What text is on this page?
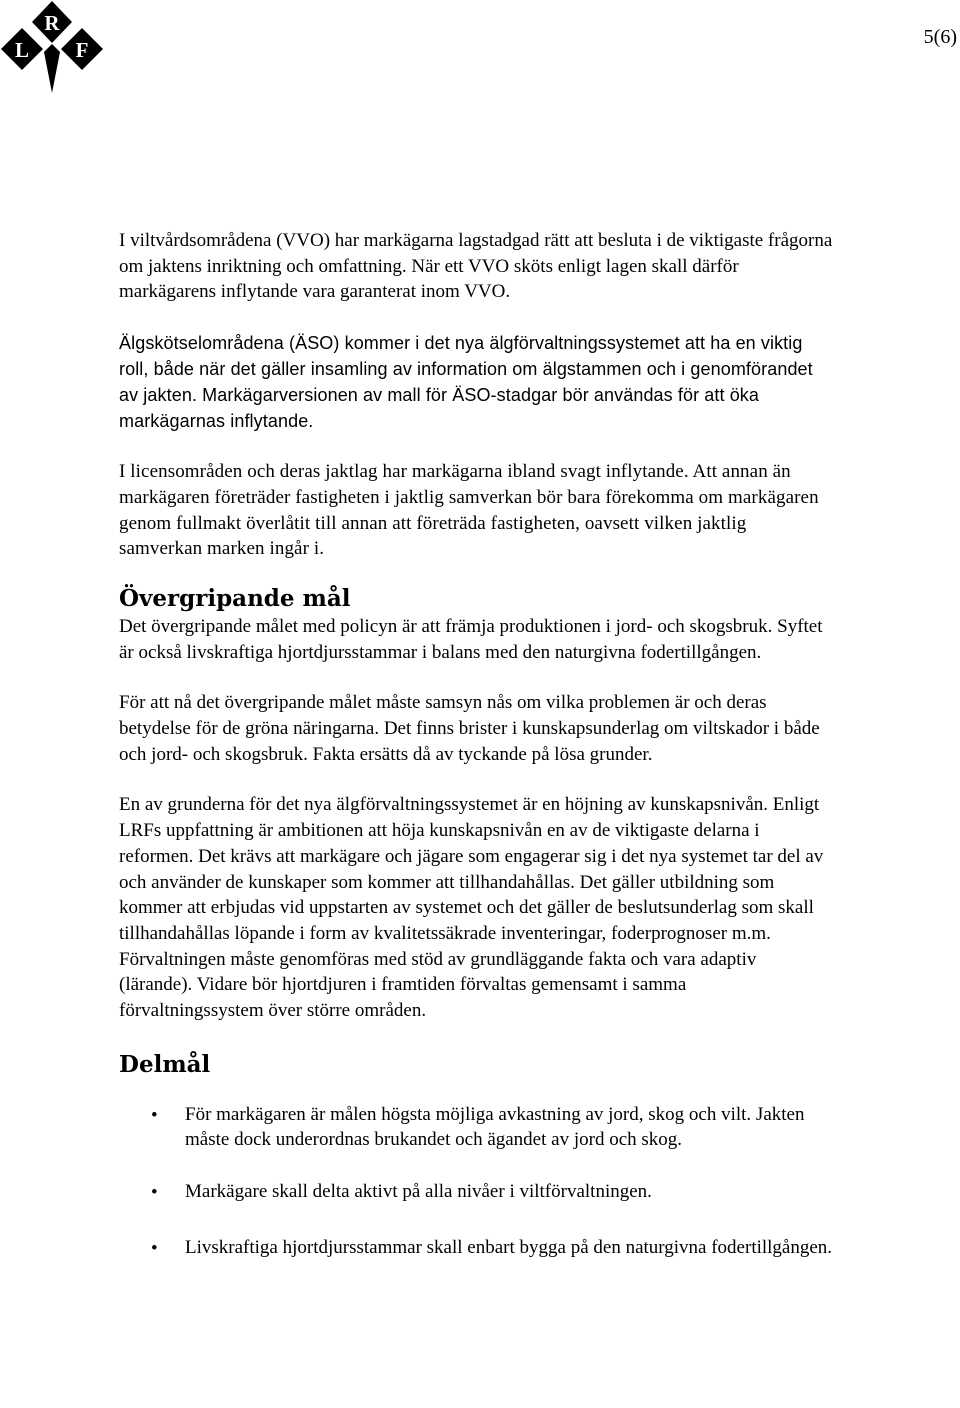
R
L F
5(6)

I viltvårdsområdena (VVO) har markägarna lagstadgad rätt att besluta i de viktigaste frågorna om jaktens inriktning och omfattning. När ett VVO sköts enligt lagen skall därför markägarens inflytande vara garanterat inom VVO.

Älgskötselområdena (ÄSO) kommer i det nya älgförvaltningssystemet att ha en viktig roll, både när det gäller insamling av information om älgstammen och i genomförandet av jakten. Markägarversionen av mall för ÄSO-stadgar bör användas för att öka markägarnas inflytande.

I licensområden och deras jaktlag har markägarna ibland svagt inflytande. Att annan än markägaren företräder fastigheten i jaktlig samverkan bör bara förekomma om markägaren genom fullmakt överlåtit till annan att företräda fastigheten, oavsett vilken jaktlig samverkan marken ingår i.

Övergripande mål

Det övergripande målet med policyn är att främja produktionen i jord- och skogsbruk. Syftet är också livskraftiga hjortdjursstammar i balans med den naturgivna fodertillgången.

För att nå det övergripande målet måste samsyn nås om vilka problemen är och deras betydelse för de gröna näringarna. Det finns brister i kunskapsunderlag om viltskador i både och jord- och skogsbruk. Fakta ersätts då av tyckande på lösa grunder.

En av grunderna för det nya älgförvaltningssystemet är en höjning av kunskapsnivån. Enligt LRFs uppfattning är ambitionen att höja kunskapsnivån en av de viktigaste delarna i reformen. Det krävs att markägare och jägare som engagerar sig i det nya systemet tar del av och använder de kunskaper som kommer att tillhandahållas. Det gäller utbildning som kommer att erbjudas vid uppstarten av systemet och det gäller de beslutsunderlag som skall tillhandahållas löpande i form av kvalitetssäkrade inventeringar, foderprognoser m.m. Förvaltningen måste genomföras med stöd av grundläggande fakta och vara adaptiv (lärande). Vidare bör hjortdjuren i framtiden förvaltas gemensamt i samma förvaltningssystem över större områden.

Delmål
• För markägaren är målen högsta möjliga avkastning av jord, skog och vilt. Jakten måste dock underordnas brukandet och ägandet av jord och skog.
• Markägare skall delta aktivt på alla nivåer i viltförvaltningen.
• Livskraftiga hjortdjursstammar skall enbart bygga på den naturgivna fodertillgången.
